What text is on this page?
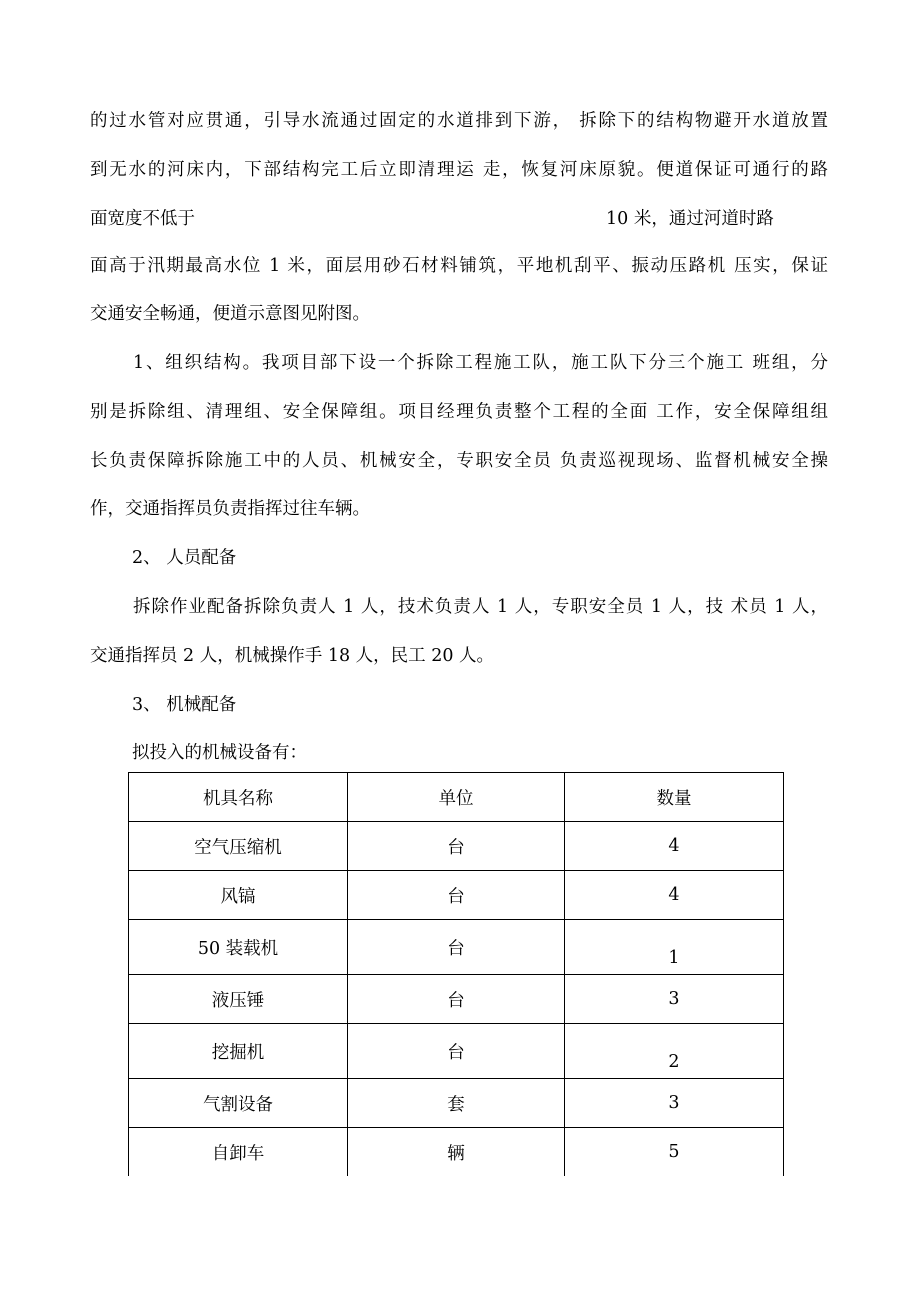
的过水管对应贯通，引导水流通过固定的水道排到下游， 拆除下的结构物避开水道放置
到无水的河床内，下部结构完工后立即清理运 走，恢复河床原貌。便道保证可通行的路
面宽度不低于	10 米，通过河道时路
面高于汛期最高水位 1 米，面层用砂石材料铺筑，平地机刮平、振动压路机 压实，保证
交通安全畅通，便道示意图见附图。
1、组织结构。我项目部下设一个拆除工程施工队，施工队下分三个施工 班组，分
别是拆除组、清理组、安全保障组。项目经理负责整个工程的全面 工作，安全保障组组
长负责保障拆除施工中的人员、机械安全，专职安全员 负责巡视现场、监督机械安全操
作，交通指挥员负责指挥过往车辆。
2、 人员配备
拆除作业配备拆除负责人 1 人，技术负责人 1 人，专职安全员 1 人，技 术员 1 人，
交通指挥员 2 人，机械操作手 18 人，民工 20 人。
3、 机械配备
拟投入的机械设备有：
机具名称	单位	数量
空气压缩机	台	4
风镐	台	4
50 装载机	台	1
液压锤	台	3
挖掘机	台	2
气割设备	套	3
自卸车	辆	5
